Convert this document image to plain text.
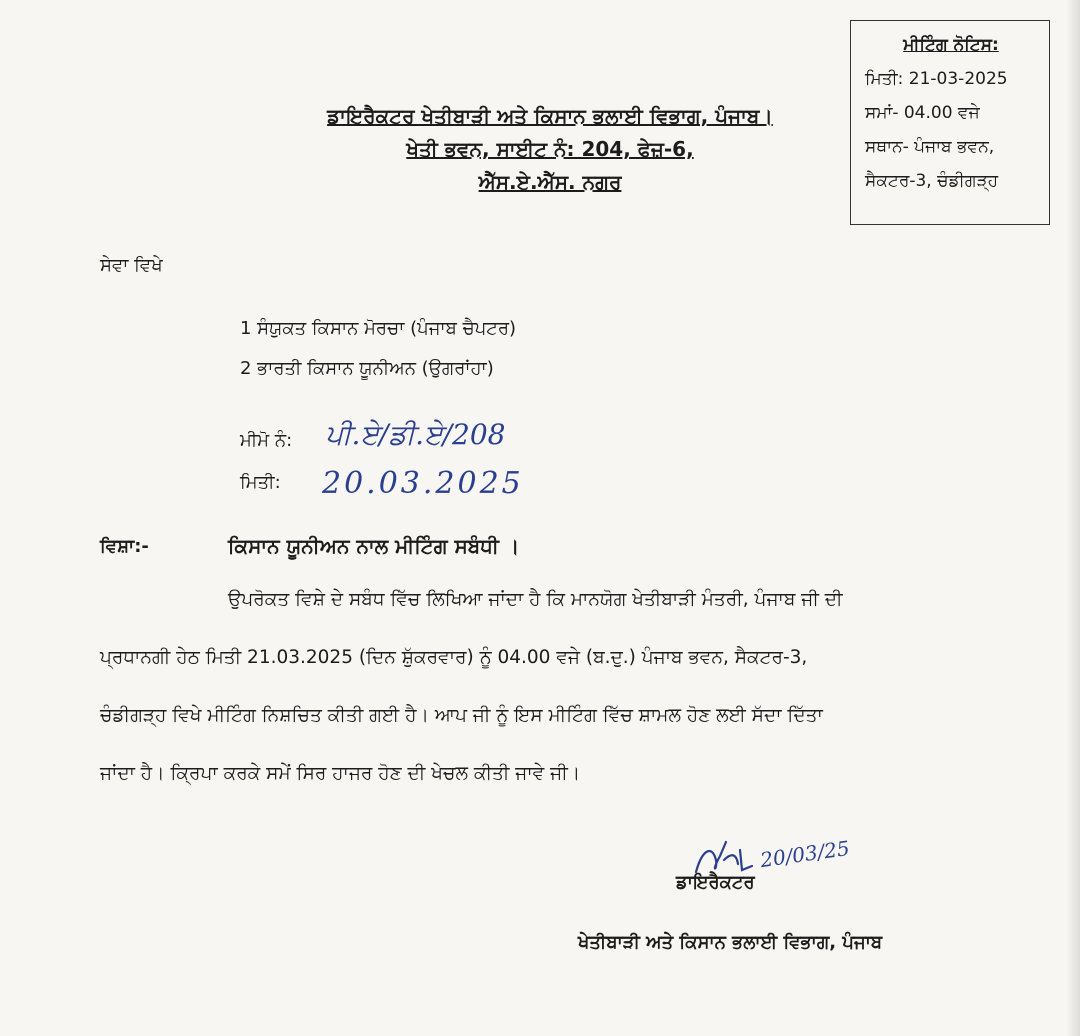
ਮੀਟਿੰਗ ਨੋਟਿਸ:
ਮਿਤੀ: 21-03-2025
ਸਮਾਂ- 04.00 ਵਜੇ
ਸਥਾਨ- ਪੰਜਾਬ ਭਵਨ,
ਸੈਕਟਰ-3, ਚੰਡੀਗੜ੍ਹ
ਡਾਇਰੈਕਟਰ ਖੇਤੀਬਾੜੀ ਅਤੇ ਕਿਸਾਨ ਭਲਾਈ ਵਿਭਾਗ, ਪੰਜਾਬ।
ਖੇਤੀ ਭਵਨ, ਸਾਈਟ ਨੰ: 204, ਫੇਜ਼-6,
ਐੱਸ.ਏ.ਐੱਸ. ਨਗਰ
ਸੇਵਾ ਵਿਖੇ
1 ਸੰਯੁਕਤ ਕਿਸਾਨ ਮੋਰਚਾ (ਪੰਜਾਬ ਚੈਪਟਰ)
2 ਭਾਰਤੀ ਕਿਸਾਨ ਯੂਨੀਅਨ (ਉਗਰਾਂਹਾ)
ਮੀਮੋ ਨੰ: ਪੀ.ਏ/ਡੀ.ਏ/208
ਮਿਤੀ: 20.03.2025
ਵਿਸ਼ਾ:-	ਕਿਸਾਨ ਯੂਨੀਅਨ ਨਾਲ ਮੀਟਿੰਗ ਸਬੰਧੀ ।
ਉਪਰੋਕਤ ਵਿਸ਼ੇ ਦੇ ਸਬੰਧ ਵਿੱਚ ਲਿਖਿਆ ਜਾਂਦਾ ਹੈ ਕਿ ਮਾਨਯੋਗ ਖੇਤੀਬਾੜੀ ਮੰਤਰੀ, ਪੰਜਾਬ ਜੀ ਦੀ
ਪ੍ਰਧਾਨਗੀ ਹੇਠ ਮਿਤੀ 21.03.2025 (ਦਿਨ ਸ਼ੁੱਕਰਵਾਰ) ਨੂੰ 04.00 ਵਜੇ (ਬ.ਦੁ.) ਪੰਜਾਬ ਭਵਨ, ਸੈਕਟਰ-3,
ਚੰਡੀਗੜ੍ਹ ਵਿਖੇ ਮੀਟਿੰਗ ਨਿਸ਼ਚਿਤ ਕੀਤੀ ਗਈ ਹੈ। ਆਪ ਜੀ ਨੂੰ ਇਸ ਮੀਟਿੰਗ ਵਿੱਚ ਸ਼ਾਮਲ ਹੋਣ ਲਈ ਸੱਦਾ ਦਿੱਤਾ
ਜਾਂਦਾ ਹੈ। ਕ੍ਰਿਪਾ ਕਰਕੇ ਸਮੇਂ ਸਿਰ ਹਾਜਰ ਹੋਣ ਦੀ ਖੇਚਲ ਕੀਤੀ ਜਾਵੇ ਜੀ।
20/03/25
ਡਾਇਰੈਕਟਰ
ਖੇਤੀਬਾੜੀ ਅਤੇ ਕਿਸਾਨ ਭਲਾਈ ਵਿਭਾਗ, ਪੰਜਾਬ
